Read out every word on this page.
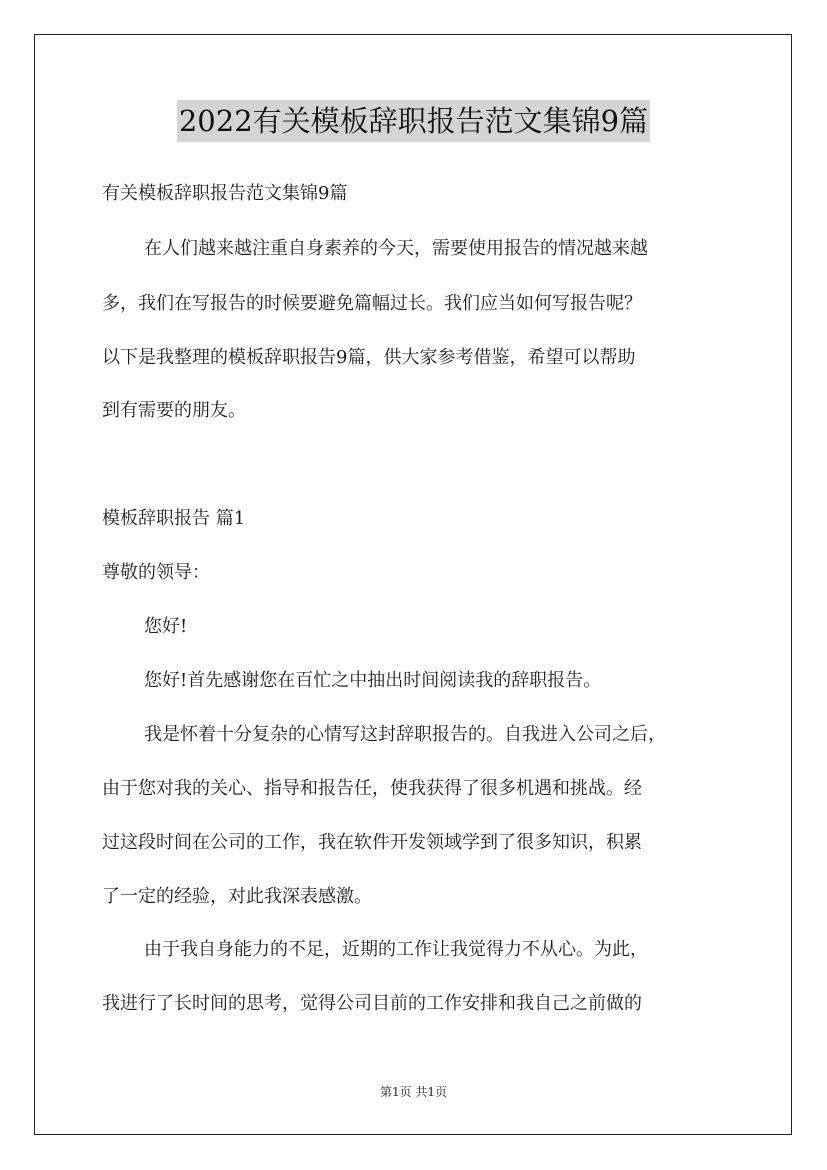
2022有关模板辞职报告范文集锦9篇
有关模板辞职报告范文集锦9篇
在人们越来越注重自身素养的今天，需要使用报告的情况越来越
多，我们在写报告的时候要避免篇幅过长。我们应当如何写报告呢？
以下是我整理的模板辞职报告9篇，供大家参考借鉴，希望可以帮助
到有需要的朋友。
模板辞职报告 篇1
尊敬的领导：
您好!
您好!首先感谢您在百忙之中抽出时间阅读我的辞职报告。
我是怀着十分复杂的心情写这封辞职报告的。自我进入公司之后，
由于您对我的关心、指导和报告任，使我获得了很多机遇和挑战。经
过这段时间在公司的工作，我在软件开发领域学到了很多知识，积累
了一定的经验，对此我深表感激。
由于我自身能力的不足，近期的工作让我觉得力不从心。为此，
我进行了长时间的思考，觉得公司目前的工作安排和我自己之前做的
第1页 共1页
